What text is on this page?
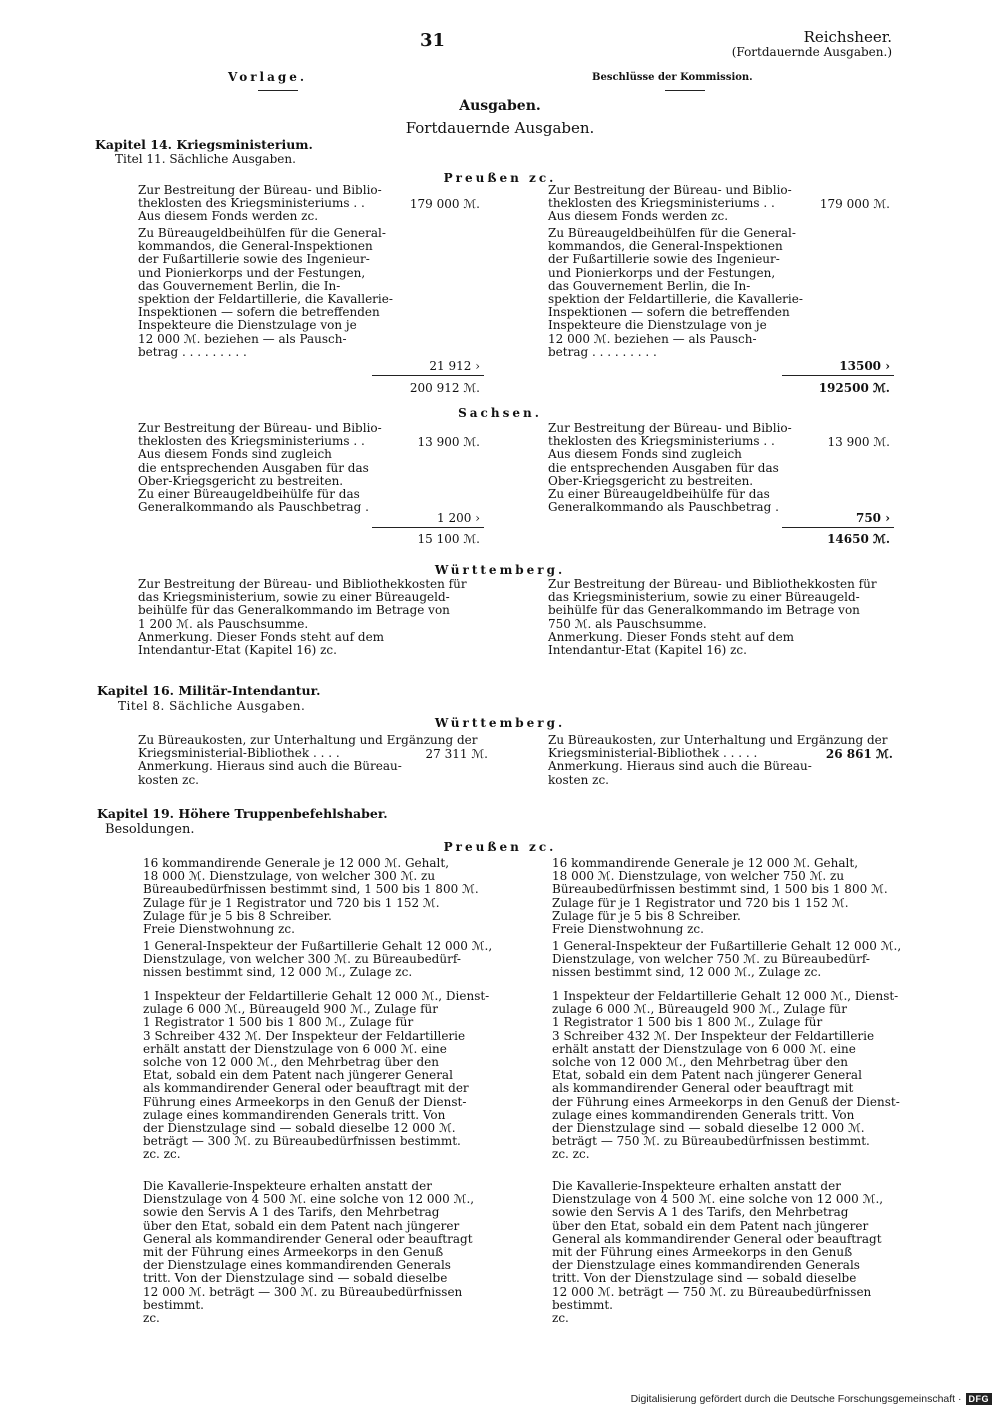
31	Reichsheer.
(Fortdauernde Ausgaben.)
Vorlage.	Beschlüsse der Kommission.
Ausgaben.
Fortdauernde Ausgaben.
Kapitel 14. Kriegsministerium.
Titel 11. Sächliche Ausgaben.
Preußen zc.
Zur Bestreitung der Büreau- und Biblio-
theklosten des Kriegsministeriums . .
Aus diesem Fonds werden zc.
179 000 ℳ.
Zu Büreaugeldbeihülfen für die General-
kommandos, die General-Inspektionen
der Fußartillerie sowie des Ingenieur-
und Pionierkorps und der Festungen,
das Gouvernement Berlin, die In-
spektion der Feldartillerie, die Kavallerie-
Inspektionen — sofern die betreffenden
Inspekteure die Dienstzulage von je
12 000 ℳ. beziehen — als Pausch-
betrag . . . . . . . . .
21 912 ›
200 912 ℳ.
Zur Bestreitung der Büreau- und Biblio-
theklosten des Kriegsministeriums . .
Aus diesem Fonds werden zc.
179 000 ℳ.
Zu Büreaugeldbeihülfen für die General-
kommandos, die General-Inspektionen
der Fußartillerie sowie des Ingenieur-
und Pionierkorps und der Festungen,
das Gouvernement Berlin, die In-
spektion der Feldartillerie, die Kavallerie-
Inspektionen — sofern die betreffenden
Inspekteure die Dienstzulage von je
12 000 ℳ. beziehen — als Pausch-
betrag . . . . . . . . .
13500 ›
192500 ℳ.
Sachsen.
Zur Bestreitung der Büreau- und Biblio-
theklosten des Kriegsministeriums . .
Aus diesem Fonds sind zugleich
die entsprechenden Ausgaben für das
Ober-Kriegsgericht zu bestreiten.
Zu einer Büreaugeldbeihülfe für das
Generalkommando als Pauschbetrag .
13 900 ℳ.
1 200 ›
15 100 ℳ.
Zur Bestreitung der Büreau- und Biblio-
theklosten des Kriegsministeriums . .
Aus diesem Fonds sind zugleich
die entsprechenden Ausgaben für das
Ober-Kriegsgericht zu bestreiten.
Zu einer Büreaugeldbeihülfe für das
Generalkommando als Pauschbetrag .
13 900 ℳ.
750 ›
14650 ℳ.
Württemberg.
Zur Bestreitung der Büreau- und Bibliothekkosten für
das Kriegsministerium, sowie zu einer Büreaugeld-
beihülfe für das Generalkommando im Betrage von
1 200 ℳ. als Pauschsumme.
Anmerkung. Dieser Fonds steht auf dem
Intendantur-Etat (Kapitel 16) zc.
Zur Bestreitung der Büreau- und Bibliothekkosten für
das Kriegsministerium, sowie zu einer Büreaugeld-
beihülfe für das Generalkommando im Betrage von
750 ℳ. als Pauschsumme.
Anmerkung. Dieser Fonds steht auf dem
Intendantur-Etat (Kapitel 16) zc.
Kapitel 16. Militär-Intendantur.
Titel 8. Sächliche Ausgaben.
Württemberg.
Zu Büreaukosten, zur Unterhaltung und Ergänzung der
Kriegsministerial-Bibliothek . . . .
Anmerkung. Hieraus sind auch die Büreau-
kosten zc.
27 311 ℳ.
Zu Büreaukosten, zur Unterhaltung und Ergänzung der
Kriegsministerial-Bibliothek . . . . .
Anmerkung. Hieraus sind auch die Büreau-
kosten zc.
26 861 ℳ.
Kapitel 19. Höhere Truppenbefehlshaber.
Besoldungen.
Preußen zc.
16 kommandirende Generale je 12 000 ℳ. Gehalt,
18 000 ℳ. Dienstzulage, von welcher 300 ℳ. zu
Büreaubedürfnissen bestimmt sind, 1 500 bis 1 800 ℳ.
Zulage für je 1 Registrator und 720 bis 1 152 ℳ.
Zulage für je 5 bis 8 Schreiber.
Freie Dienstwohnung zc.
1 General-Inspekteur der Fußartillerie Gehalt 12 000 ℳ.,
Dienstzulage, von welcher 300 ℳ. zu Büreaubedürf-
nissen bestimmt sind, 12 000 ℳ., Zulage zc.
1 Inspekteur der Feldartillerie Gehalt 12 000 ℳ., Dienst-
zulage 6 000 ℳ., Büreaugeld 900 ℳ., Zulage für
1 Registrator 1 500 bis 1 800 ℳ., Zulage für
3 Schreiber 432 ℳ. Der Inspekteur der Feldartillerie
erhält anstatt der Dienstzulage von 6 000 ℳ. eine
solche von 12 000 ℳ., den Mehrbetrag über den
Etat, sobald ein dem Patent nach jüngerer General
als kommandirender General oder beauftragt mit der
Führung eines Armeekorps in den Genuß der Dienst-
zulage eines kommandirenden Generals tritt. Von
der Dienstzulage sind — sobald dieselbe 12 000 ℳ.
beträgt — 300 ℳ. zu Büreaubedürfnissen bestimmt.
zc. zc.
Die Kavallerie-Inspekteure erhalten anstatt der
Dienstzulage von 4 500 ℳ. eine solche von 12 000 ℳ.,
sowie den Servis A 1 des Tarifs, den Mehrbetrag
über den Etat, sobald ein dem Patent nach jüngerer
General als kommandirender General oder beauftragt
mit der Führung eines Armeekorps in den Genuß
der Dienstzulage eines kommandirenden Generals
tritt. Von der Dienstzulage sind — sobald dieselbe
12 000 ℳ. beträgt — 300 ℳ. zu Büreaubedürfnissen
bestimmt.
zc.
16 kommandirende Generale je 12 000 ℳ. Gehalt,
18 000 ℳ. Dienstzulage, von welcher 750 ℳ. zu
Büreaubedürfnissen bestimmt sind, 1 500 bis 1 800 ℳ.
Zulage für je 1 Registrator und 720 bis 1 152 ℳ.
Zulage für je 5 bis 8 Schreiber.
Freie Dienstwohnung zc.
1 General-Inspekteur der Fußartillerie Gehalt 12 000 ℳ.,
Dienstzulage, von welcher 750 ℳ. zu Büreaubedürf-
nissen bestimmt sind, 12 000 ℳ., Zulage zc.
1 Inspekteur der Feldartillerie Gehalt 12 000 ℳ., Dienst-
zulage 6 000 ℳ., Büreaugeld 900 ℳ., Zulage für
1 Registrator 1 500 bis 1 800 ℳ., Zulage für
3 Schreiber 432 ℳ. Der Inspekteur der Feldartillerie
erhält anstatt der Dienstzulage von 6 000 ℳ. eine
solche von 12 000 ℳ., den Mehrbetrag über den
Etat, sobald ein dem Patent nach jüngerer General
als kommandirender General oder beauftragt mit
der Führung eines Armeekorps in den Genuß der Dienst-
zulage eines kommandirenden Generals tritt. Von
der Dienstzulage sind — sobald dieselbe 12 000 ℳ.
beträgt — 750 ℳ. zu Büreaubedürfnissen bestimmt.
zc. zc.
Die Kavallerie-Inspekteure erhalten anstatt der
Dienstzulage von 4 500 ℳ. eine solche von 12 000 ℳ.,
sowie den Servis A 1 des Tarifs, den Mehrbetrag
über den Etat, sobald ein dem Patent nach jüngerer
General als kommandirender General oder beauftragt
mit der Führung eines Armeekorps in den Genuß
der Dienstzulage eines kommandirenden Generals
tritt. Von der Dienstzulage sind — sobald dieselbe
12 000 ℳ. beträgt — 750 ℳ. zu Büreaubedürfnissen
bestimmt.
zc.
Digitalisierung gefördert durch die Deutsche Forschungsgemeinschaft · DFG
